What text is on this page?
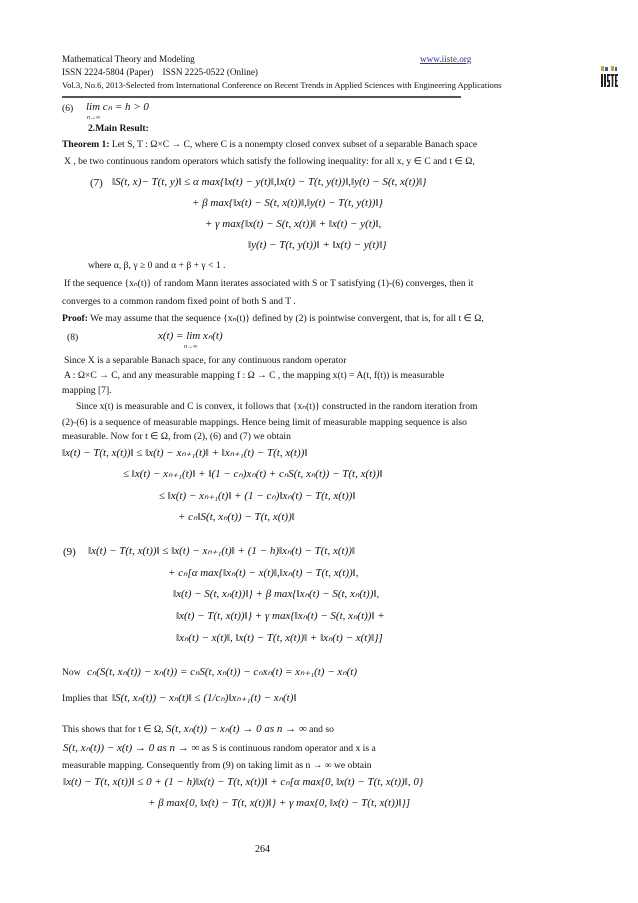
Mathematical Theory and Modeling
ISSN 2224-5804 (Paper)    ISSN 2225-0522 (Online)
Vol.3, No.6, 2013-Selected from International Conference on Recent Trends in Applied Sciences with Engineering Applications
www.iiste.org
(6) lim cₙ = h > 0
n→∞
2.Main Result:
Theorem 1: Let S, T : Ω×C → C, where C is a nonempty closed convex subset of a separable Banach space
X , be two continuous random operators which satisfy the following inequality: for all x, y ∈ C and t ∈ Ω,
(7) ‖S(t, x)− T(t, y)‖ ≤ α max{‖x(t) − y(t)‖,‖x(t) − T(t, y(t))‖,‖y(t) − S(t, x(t))‖}
+ β max{‖x(t) − S(t, x(t))‖,‖y(t) − T(t, y(t))‖}
+ γ max{‖x(t) − S(t, x(t))‖ + ‖x(t) − y(t)‖,
‖y(t) − T(t, y(t))‖ + ‖x(t) − y(t)‖}
where α, β, γ ≥ 0 and α + β + γ < 1 .
If the sequence {xₙ(t)} of random Mann iterates associated with S or T satisfying (1)-(6) converges, then it
converges to a common random fixed point of both S and T .
Proof: We may assume that the sequence {xₙ(t)} defined by (2) is pointwise convergent, that is, for all t ∈ Ω,
(8)	x(t) = lim xₙ(t)
n→∞
Since X is a separable Banach space, for any continuous random operator
A : Ω×C → C, and any measurable mapping f : Ω → C , the mapping x(t) = A(t, f(t)) is measurable
mapping [7].
Since x(t) is measurable and C is convex, it follows that {xₙ(t)} constructed in the random iteration from
(2)-(6) is a sequence of measurable mappings. Hence being limit of measurable mapping sequence is also
measurable. Now for t ∈ Ω, from (2), (6) and (7) we obtain
‖x(t) − T(t, x(t))‖ ≤ ‖x(t) − xₙ₊₁(t)‖ + ‖xₙ₊₁(t) − T(t, x(t))‖
≤ ‖x(t) − xₙ₊₁(t)‖ + ‖(1 − cₙ)xₙ(t) + cₙS(t, xₙ(t)) − T(t, x(t))‖
≤ ‖x(t) − xₙ₊₁(t)‖ + (1 − cₙ)‖xₙ(t) − T(t, x(t))‖
+ cₙ‖S(t, xₙ(t)) − T(t, x(t))‖
(9) ‖x(t) − T(t, x(t))‖ ≤ ‖x(t) − xₙ₊₁(t)‖ + (1 − h)‖xₙ(t) − T(t, x(t))‖
+ cₙ[α max{‖xₙ(t) − x(t)‖,‖xₙ(t) − T(t, x(t))‖,
‖x(t) − S(t, xₙ(t))‖} + β max{‖xₙ(t) − S(t, xₙ(t))‖,
‖x(t) − T(t, x(t))‖} + γ max{‖xₙ(t) − S(t, xₙ(t))‖ +
‖xₙ(t) − x(t)‖, ‖x(t) − T(t, x(t))‖ + ‖xₙ(t) − x(t)‖}]
Now cₙ(S(t, xₙ(t)) − xₙ(t)) = cₙS(t, xₙ(t)) − cₙxₙ(t) = xₙ₊₁(t) − xₙ(t)
Implies that ‖S(t, xₙ(t)) − xₙ(t)‖ ≤ (1/cₙ)‖xₙ₊₁(t) − xₙ(t)‖
This shows that for t ∈ Ω, S(t, xₙ(t)) − xₙ(t) → 0 as n → ∞ and so
S(t, xₙ(t)) − x(t) → 0 as n → ∞ as S is continuous random operator and x is a
measurable mapping. Consequently from (9) on taking limit as n → ∞ we obtain
‖x(t) − T(t, x(t))‖ ≤ 0 + (1 − h)‖x(t) − T(t, x(t))‖ + cₙ[α max{0, ‖x(t) − T(t, x(t))‖, 0}
+ β max{0, ‖x(t) − T(t, x(t))‖} + γ max{0, ‖x(t) − T(t, x(t))‖}]
264
